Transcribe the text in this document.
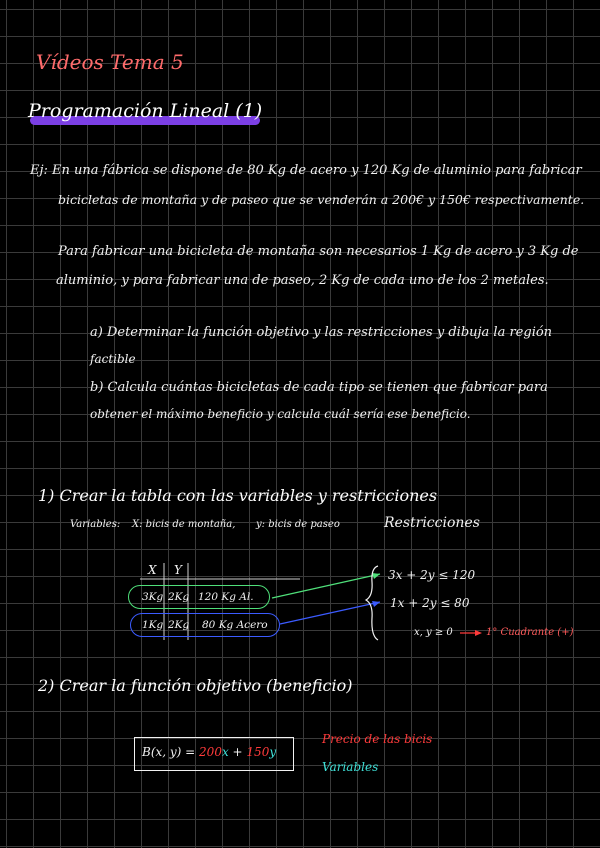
Vídeos Tema 5
Programación Lineal (1)
Ej: En una fábrica se dispone de 80 Kg de acero y 120 Kg de aluminio para fabricar
bicicletas de montaña y de paseo que se venderán a 200€ y 150€ respectivamente.
Para fabricar una bicicleta de montaña son necesarios 1 Kg de acero y 3 Kg de
aluminio, y para fabricar una de paseo, 2 Kg de cada uno de los 2 metales.
a) Determinar la función objetivo y las restricciones y dibuja la región
factible
b) Calcula cuántas bicicletas de cada tipo se tienen que fabricar para
obtener el máximo beneficio y calcula cuál sería ese beneficio.
1) Crear la tabla con las variables y restricciones
Variables: X: bicis de montaña, y: bicis de paseo	Restricciones
X Y
3Kg 2Kg 120 Kg Al.
1Kg 2Kg 80 Kg Acero
3x + 2y ≤ 120
1x + 2y ≤ 80
x, y ≥ 0	1° Cuadrante (+)
2) Crear la función objetivo (beneficio)
B(x, y) = 200x + 150y
Precio de las bicis
Variables
